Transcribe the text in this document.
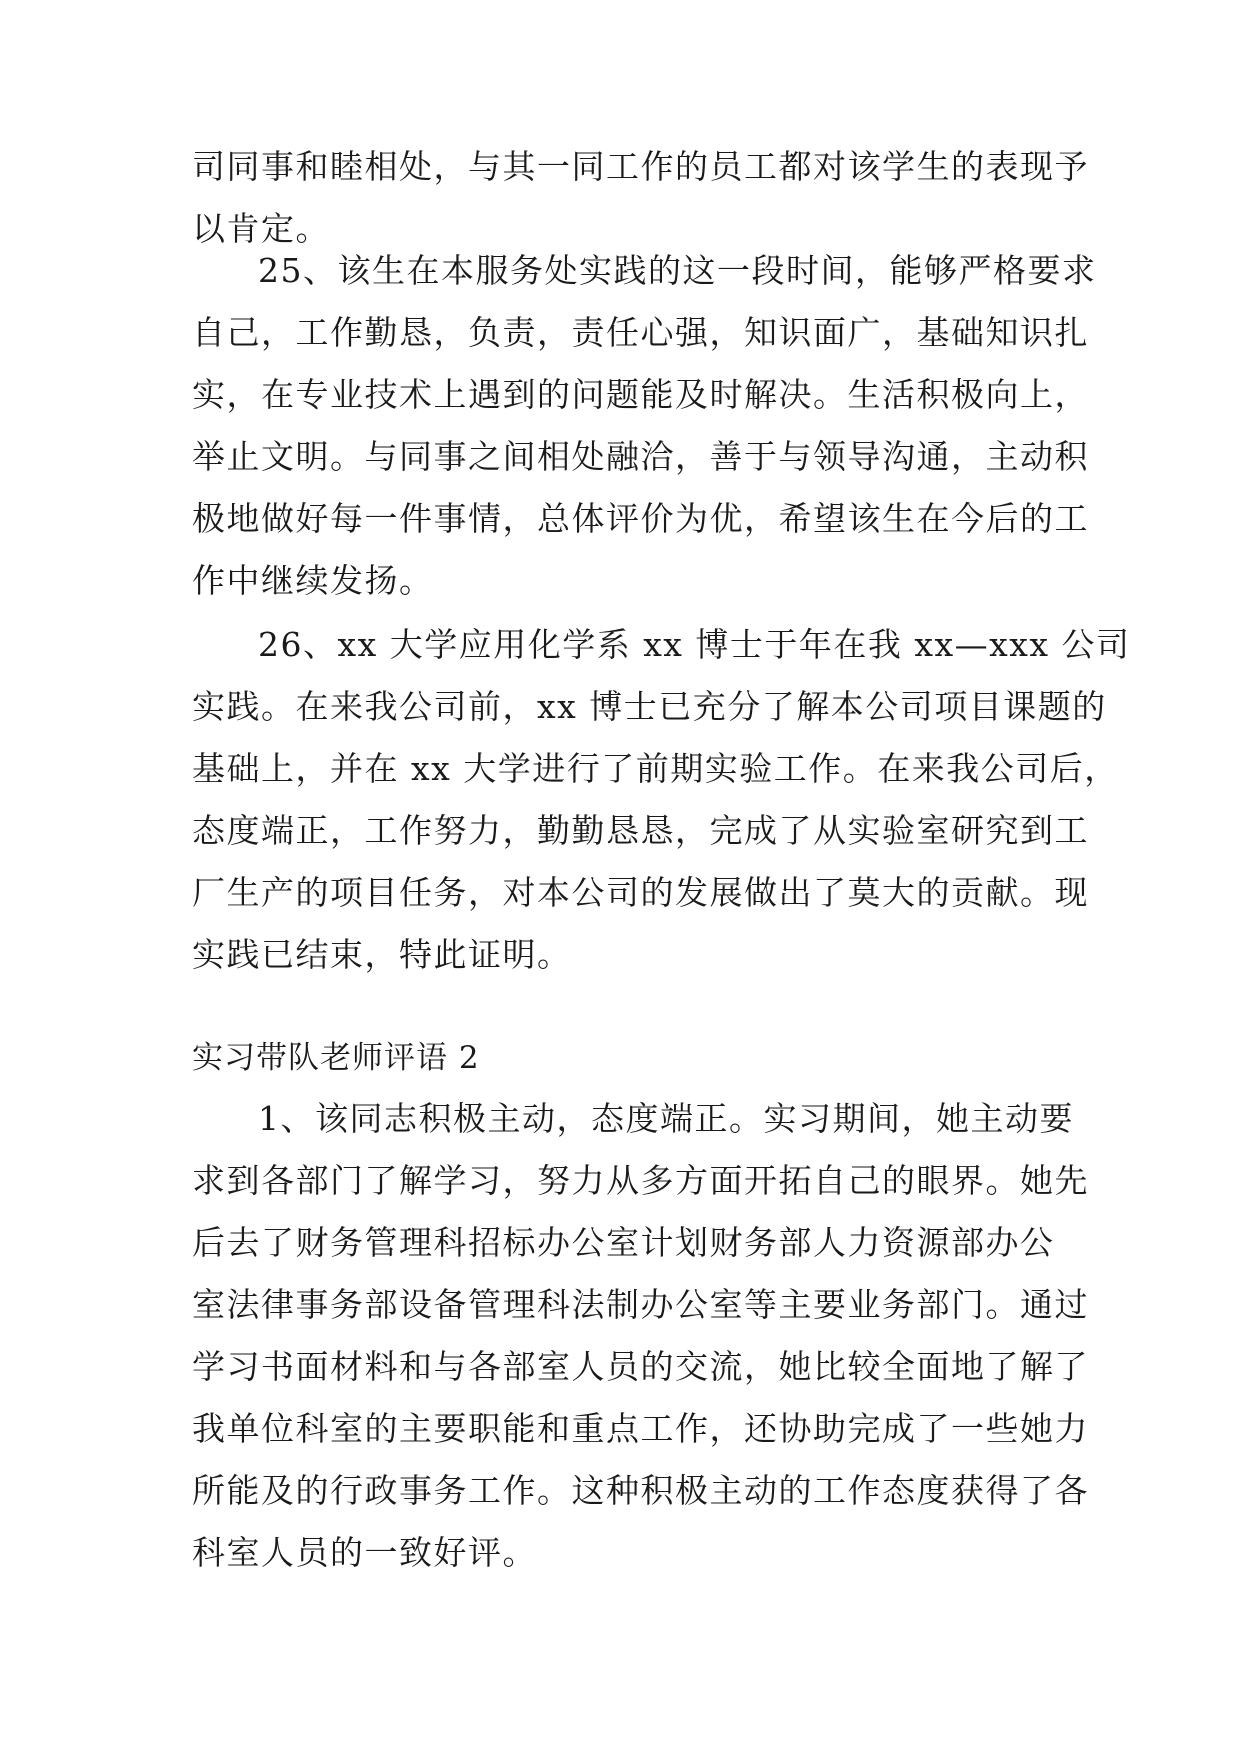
司同事和睦相处，与其一同工作的员工都对该学生的表现予
以肯定。
25、该生在本服务处实践的这一段时间，能够严格要求
自己，工作勤恳，负责，责任心强，知识面广，基础知识扎
实，在专业技术上遇到的问题能及时解决。生活积极向上，
举止文明。与同事之间相处融洽，善于与领导沟通，主动积
极地做好每一件事情，总体评价为优，希望该生在今后的工
作中继续发扬。
26、xx 大学应用化学系 xx 博士于年在我 xx—xxx 公司
实践。在来我公司前，xx 博士已充分了解本公司项目课题的
基础上，并在 xx 大学进行了前期实验工作。在来我公司后，
态度端正，工作努力，勤勤恳恳，完成了从实验室研究到工
厂生产的项目任务，对本公司的发展做出了莫大的贡献。现
实践已结束，特此证明。
实习带队老师评语 2
1、该同志积极主动，态度端正。实习期间，她主动要
求到各部门了解学习，努力从多方面开拓自己的眼界。她先
后去了财务管理科招标办公室计划财务部人力资源部办公
室法律事务部设备管理科法制办公室等主要业务部门。通过
学习书面材料和与各部室人员的交流，她比较全面地了解了
我单位科室的主要职能和重点工作，还协助完成了一些她力
所能及的行政事务工作。这种积极主动的工作态度获得了各
科室人员的一致好评。
